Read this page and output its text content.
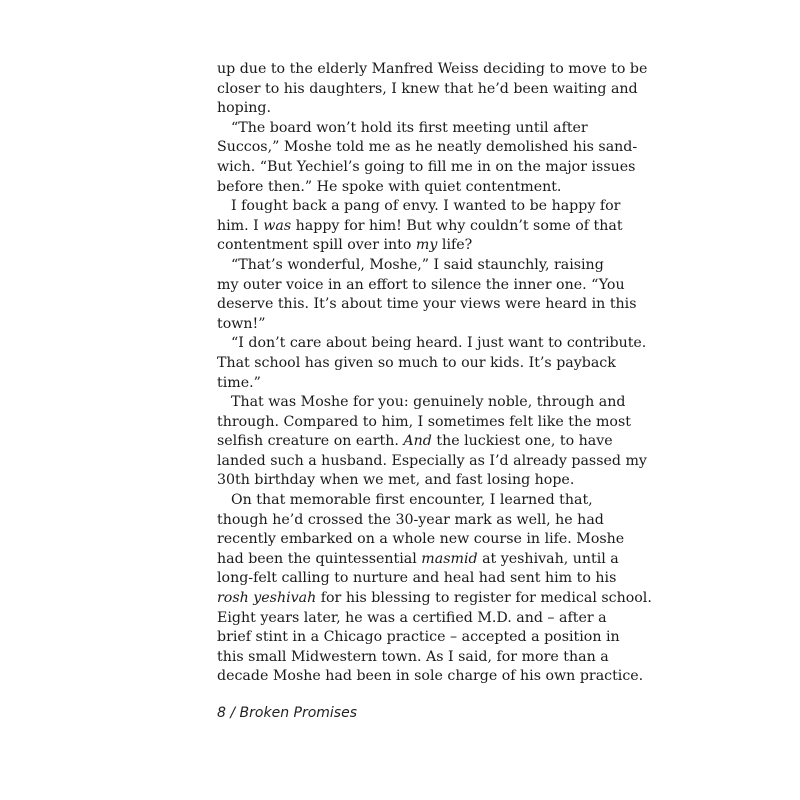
up due to the elderly Manfred Weiss deciding to move to be
closer to his daughters, I knew that he’d been waiting and
hoping.
“The board won’t hold its first meeting until after
Succos,” Moshe told me as he neatly demolished his sand-
wich. “But Yechiel’s going to fill me in on the major issues
before then.” He spoke with quiet contentment.
I fought back a pang of envy. I wanted to be happy for
him. I was happy for him! But why couldn’t some of that
contentment spill over into my life?
“That’s wonderful, Moshe,” I said staunchly, raising
my outer voice in an effort to silence the inner one. “You
deserve this. It’s about time your views were heard in this
town!”
“I don’t care about being heard. I just want to contribute.
That school has given so much to our kids. It’s payback
time.”
That was Moshe for you: genuinely noble, through and
through. Compared to him, I sometimes felt like the most
selfish creature on earth. And the luckiest one, to have
landed such a husband. Especially as I’d already passed my
30th birthday when we met, and fast losing hope.
On that memorable first encounter, I learned that,
though he’d crossed the 30-year mark as well, he had
recently embarked on a whole new course in life. Moshe
had been the quintessential masmid at yeshivah, until a
long-felt calling to nurture and heal had sent him to his
rosh yeshivah for his blessing to register for medical school.
Eight years later, he was a certified M.D. and – after a
brief stint in a Chicago practice – accepted a position in
this small Midwestern town. As I said, for more than a
decade Moshe had been in sole charge of his own practice.
8 / Broken Promises
